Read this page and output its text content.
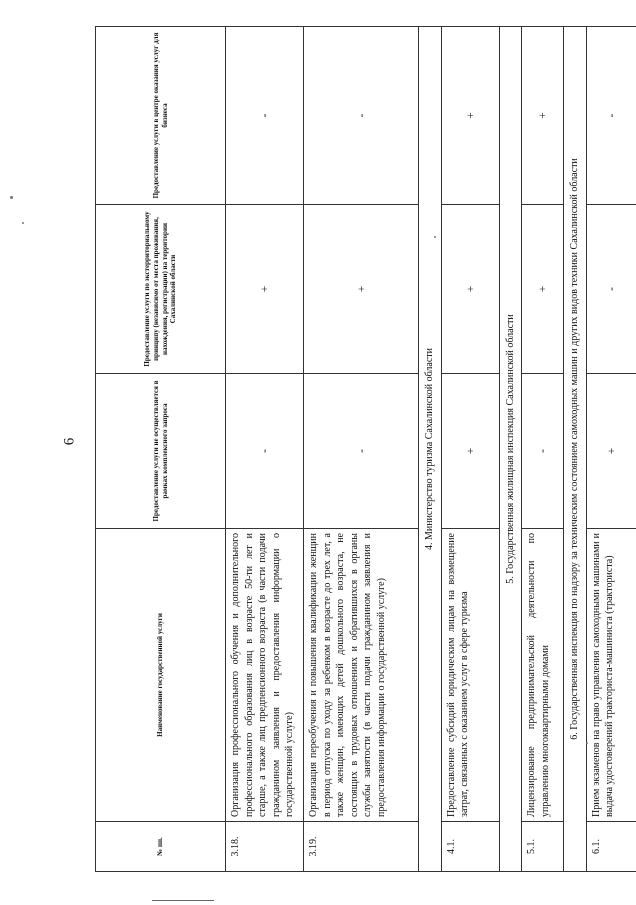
6
№ пп.	Наименование государственной услуги	Предоставление услуги не осуществляется в рамках комплексного запроса	Предоставление услуги по экстерриториальному принципу (независимо от места проживания, нахождения, регистрации) на территории Сахалинской области	Предоставление услуги в центре оказания услуг для бизнеса
3.18.	Организация профессионального обучения и дополнительного профессионального образования лиц в возрасте 50-ти лет и старше, а также лиц предпенсионного возраста (в части подачи гражданином заявления и предоставления информации о государственной услуге)	-	+	-
3.19.	Организация переобучения и повышения квалификации женщин в период отпуска по уходу за ребенком в возрасте до трех лет, а также женщин, имеющих детей дошкольного возраста, не состоящих в трудовых отношениях и обратившихся в органы службы занятости (в части подачи гражданином заявления и предоставления информации о государственной услуге)	-	+	-
4. Министерство туризма Сахалинской области				
4.1.	Предоставление субсидий юридическим лицам на возмещение затрат, связанных с оказанием услуг в сфере туризма	+	+	+
5. Государственная жилищная инспекция Сахалинской области				
5.1.	Лицензирование предпринимательской деятельности по управлению многоквартирными домами	-	+	+
6. Государственная инспекция по надзору за техническим состоянием самоходных машин и других видов техники Сахалинской области				
6.1.	Прием экзаменов на право управления самоходными машинами и выдача удостоверений тракториста-машиниста (тракториста)	+	-	-
